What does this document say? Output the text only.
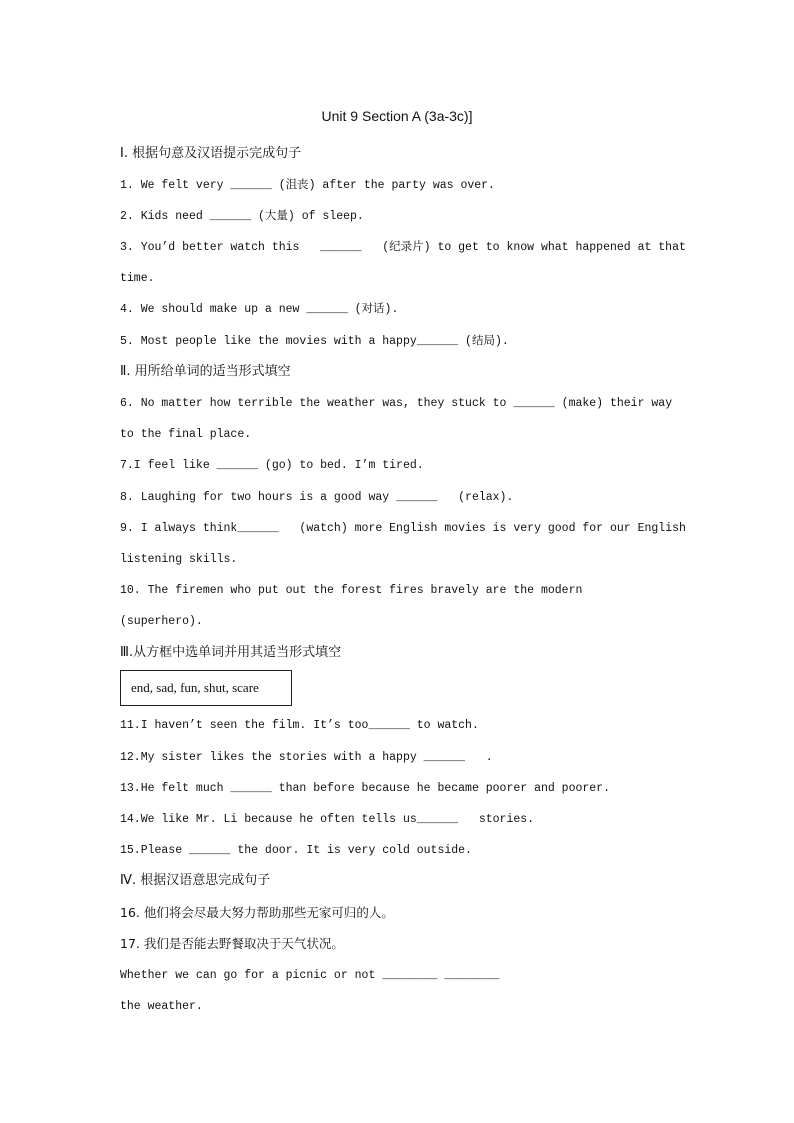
Unit 9 Section A (3a-3c)]
Ⅰ. 根据句意及汉语提示完成句子
1. We felt very ______ (沮丧) after the party was over.
2. Kids need ______ (大量) of sleep.
3. You’d better watch this   ______   (纪录片) to get to know what happened at that
time.
4. We should make up a new ______ (对话).
5. Most people like the movies with a happy______ (结局).
Ⅱ. 用所给单词的适当形式填空
6. No matter how terrible the weather was, they stuck to ______ (make) their way
to the final place.
7.I feel like ______ (go) to bed. I’m tired.
8. Laughing for two hours is a good way ______   (relax).
9. I always think______   (watch) more English movies is very good for our English
listening skills.
10. The firemen who put out the forest fires bravely are the modern
(superhero).
Ⅲ.从方框中选单词并用其适当形式填空
end, sad, fun, shut, scare
11.I haven’t seen the film. It’s too______ to watch.
12.My sister likes the stories with a happy ______   .
13.He felt much ______ than before because he became poorer and poorer.
14.We like Mr. Li because he often tells us______   stories.
15.Please ______ the door. It is very cold outside.
Ⅳ. 根据汉语意思完成句子
16. 他们将会尽最大努力帮助那些无家可归的人。
17. 我们是否能去野餐取决于天气状况。
Whether we can go for a picnic or not ________ ________
the weather.
